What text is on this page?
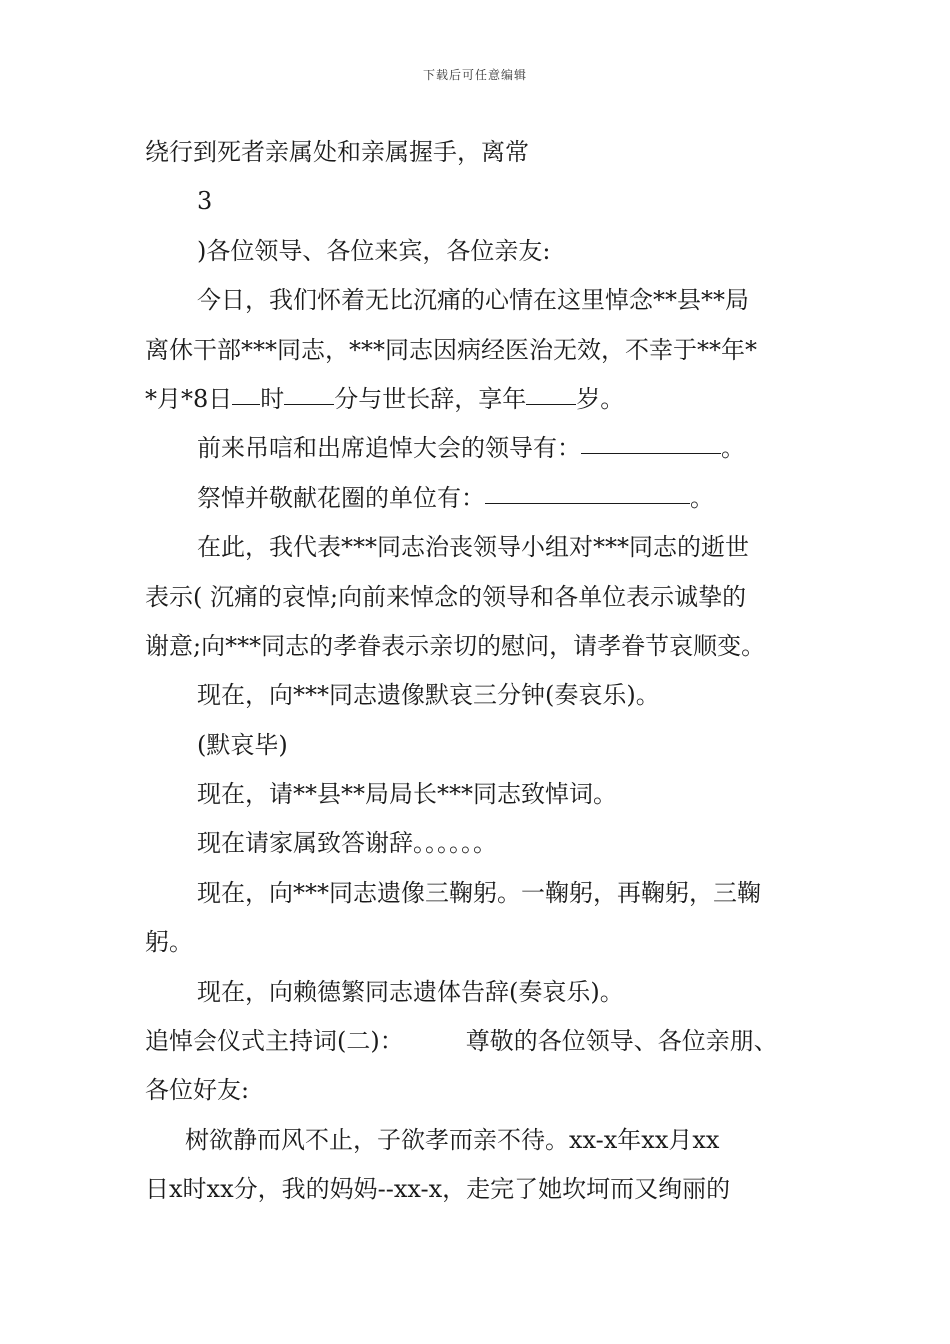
下载后可任意编辑
绕行到死者亲属处和亲属握手，离常
3
)各位领导、各位来宾，各位亲友:
今日，我们怀着无比沉痛的心情在这里悼念**县**局
离休干部***同志，***同志因病经医治无效，不幸于**年*
*月*8日 时 分与世长辞，享年 岁。
前来吊唁和出席追悼大会的领导有：	。
祭悼并敬献花圈的单位有：	。
在此，我代表***同志治丧领导小组对***同志的逝世
表示( 沉痛的哀悼;向前来悼念的领导和各单位表示诚挚的
谢意;向***同志的孝眷表示亲切的慰问，请孝眷节哀顺变。
现在，向***同志遗像默哀三分钟(奏哀乐)。
(默哀毕)
现在，请**县**局局长***同志致悼词。
现在请家属致答谢辞。。。。。。
现在，向***同志遗像三鞠躬。一鞠躬，再鞠躬，三鞠
躬。
现在，向赖德繁同志遗体告辞(奏哀乐)。
追悼会仪式主持词(二)：	尊敬的各位领导、各位亲朋、
各位好友:
树欲静而风不止，子欲孝而亲不待。xx-x年xx月xx
日x时xx分，我的妈妈--xx-x，走完了她坎坷而又绚丽的
